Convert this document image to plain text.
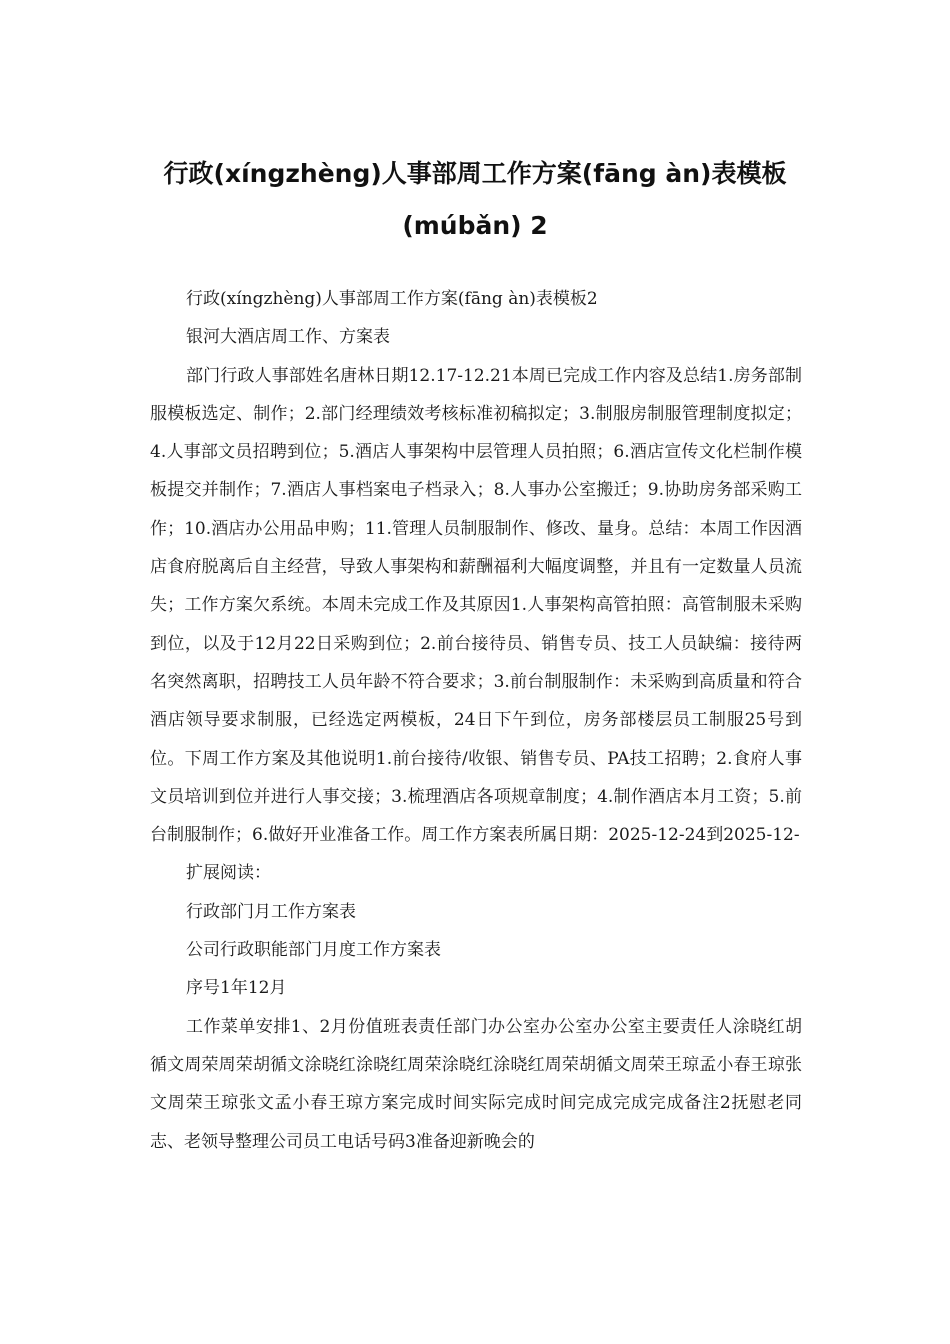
行政(xíngzhèng)人事部周工作方案(fāng àn)表模板
(múbǎn) 2

行政(xíngzhèng)人事部周工作方案(fāng àn)表模板2

银河大酒店周工作、方案表

部门行政人事部姓名唐林日期12.17-12.21本周已完成工作内容及总结1.房务部制服模板选定、制作；2.部门经理绩效考核标准初稿拟定；3.制服房制服管理制度拟定；4.人事部文员招聘到位；5.酒店人事架构中层管理人员拍照；6.酒店宣传文化栏制作模板提交并制作；7.酒店人事档案电子档录入；8.人事办公室搬迁；9.协助房务部采购工作；10.酒店办公用品申购；11.管理人员制服制作、修改、量身。总结：本周工作因酒店食府脱离后自主经营，导致人事架构和薪酬福利大幅度调整，并且有一定数量人员流失；工作方案欠系统。本周未完成工作及其原因1.人事架构高管拍照：高管制服未采购到位，以及于12月22日采购到位；2.前台接待员、销售专员、技工人员缺编：接待两名突然离职，招聘技工人员年龄不符合要求；3.前台制服制作：未采购到高质量和符合酒店领导要求制服，已经选定两模板，24日下午到位，房务部楼层员工制服25号到位。下周工作方案及其他说明1.前台接待/收银、销售专员、PA技工招聘；2.食府人事文员培训到位并进行人事交接；3.梳理酒店各项规章制度；4.制作酒店本月工资；5.前台制服制作；6.做好开业准备工作。周工作方案表所属日期：2025-12-24到2025-12-

扩展阅读：

行政部门月工作方案表

公司行政职能部门月度工作方案表

序号1年12月

工作菜单安排1、2月份值班表责任部门办公室办公室办公室主要责任人涂晓红胡循文周荣周荣胡循文涂晓红涂晓红周荣涂晓红涂晓红周荣胡循文周荣王琼孟小春王琼张文周荣王琼张文孟小春王琼方案完成时间实际完成时间完成完成完成备注2抚慰老同志、老领导整理公司员工电话号码3准备迎新晚会的
